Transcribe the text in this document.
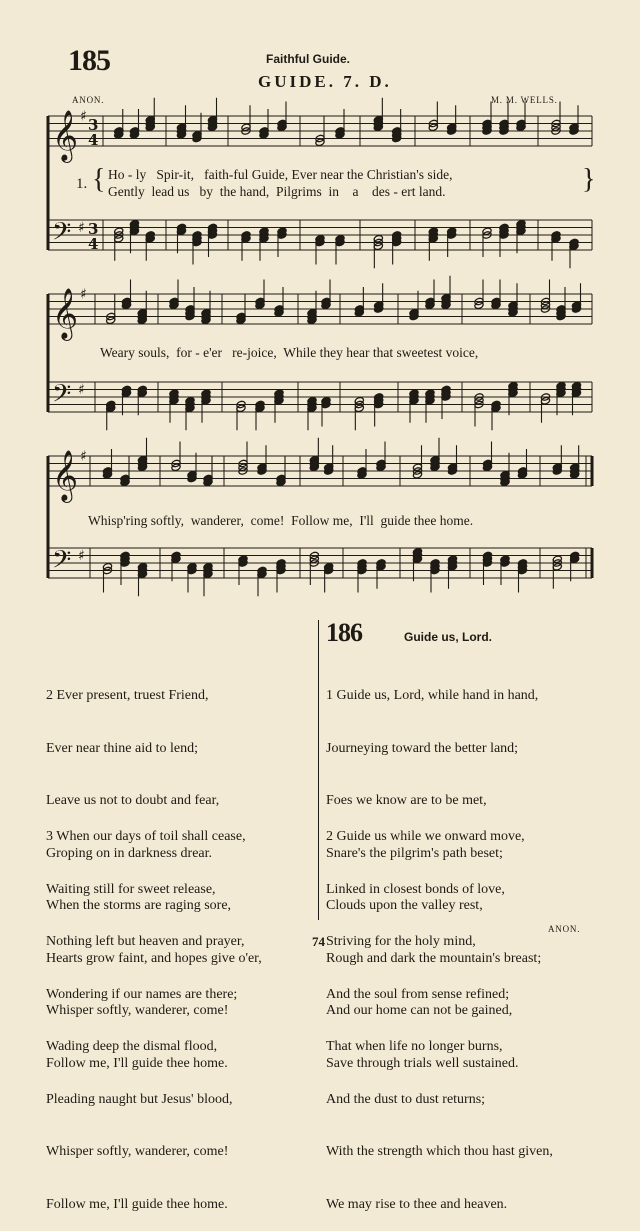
185	Faithful Guide.
GUIDE. 7. D.
ANON.	M. M. WELLS.
𝄞 ♯ 3
4
𝄢 ♯ 3
4
𝄞 ♯
𝄢 ♯
𝄞 ♯
𝄢 ♯
1. { Ho - ly   Spir-it,   faith-ful Guide, Ever near the Christian's side,
Gently  lead us   by  the hand,  Pilgrims  in    a    des - ert land.	}
Weary souls,  for - e'er   re-joice,  While they hear that sweetest voice,
Whisp'ring softly,  wanderer,  come!  Follow me,  I'll  guide thee home.
186	Guide us, Lord.

2 Ever present, truest Friend,

Ever near thine aid to lend;

Leave us not to doubt and fear,

Groping on in darkness drear.

When the storms are raging sore,

Hearts grow faint, and hopes give o'er,

Whisper softly, wanderer, come!

Follow me, I'll guide thee home.

3 When our days of toil shall cease,

Waiting still for sweet release,

Nothing left but heaven and prayer,

Wondering if our names are there;

Wading deep the dismal flood,

Pleading naught but Jesus' blood,

Whisper softly, wanderer, come!

Follow me, I'll guide thee home.

1 Guide us, Lord, while hand in hand,

Journeying toward the better land;

Foes we know are to be met,

Snare's the pilgrim's path beset;

Clouds upon the valley rest,

Rough and dark the mountain's breast;

And our home can not be gained,

Save through trials well sustained.

2 Guide us while we onward move,

Linked in closest bonds of love,

Striving for the holy mind,

And the soul from sense refined;

That when life no longer burns,

And the dust to dust returns;

With the strength which thou hast given,

We may rise to thee and heaven.

ANON.
74
